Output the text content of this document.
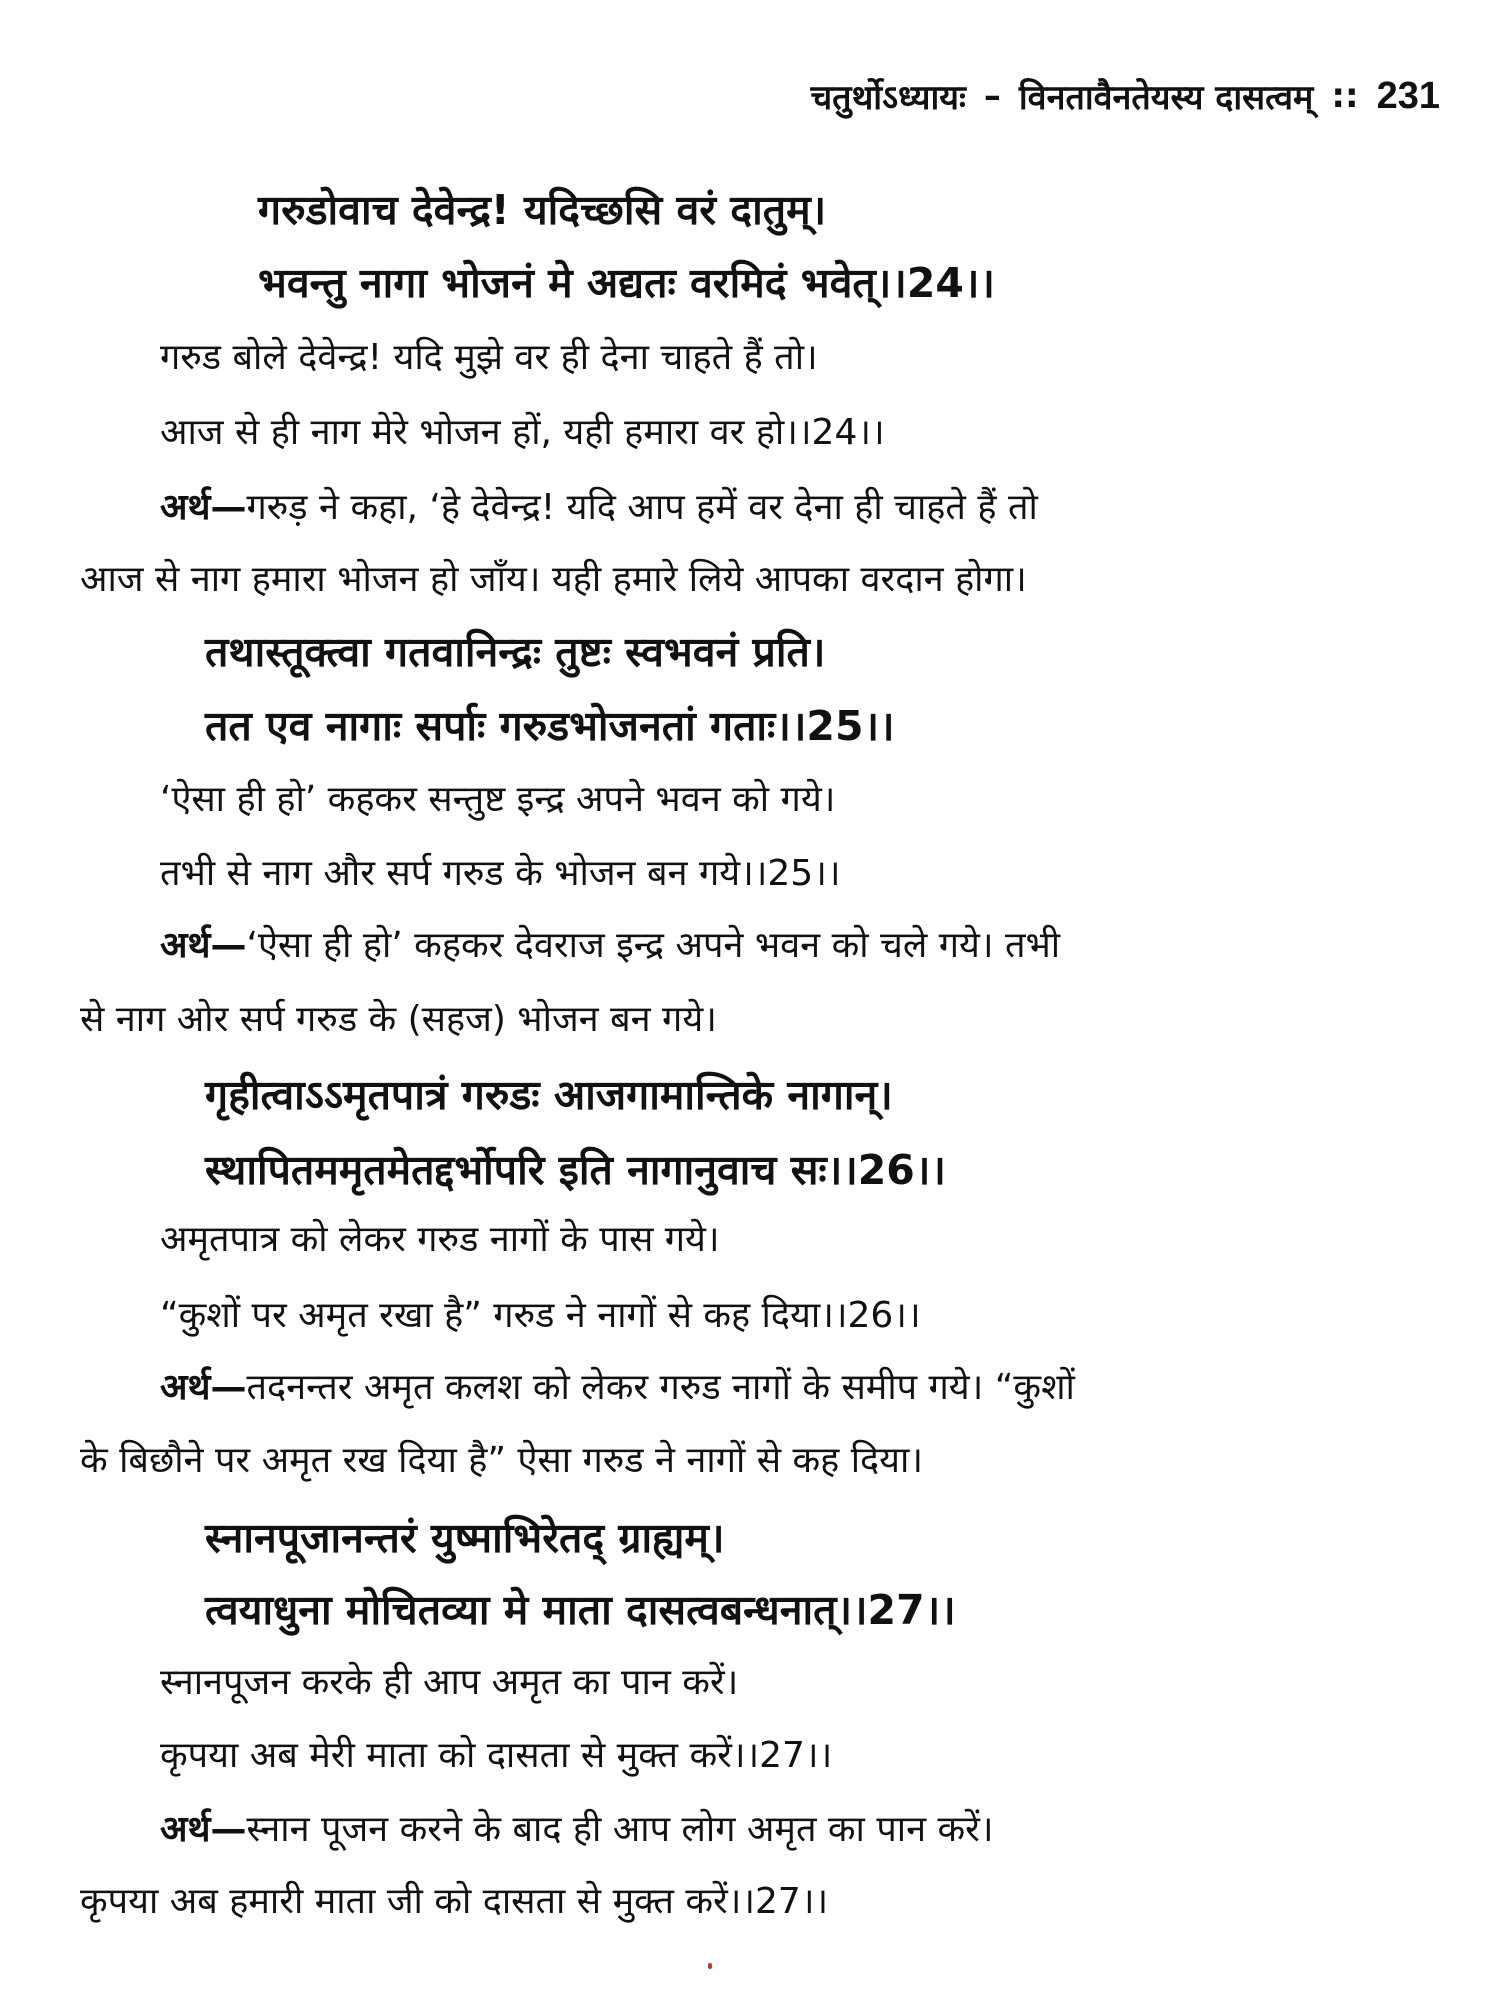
चतुर्थोऽध्यायः – विनतावैनतेयस्य दासत्वम् :: 231
गरुडोवाच देवेन्द्र! यदिच्छसि वरं दातुम्।
भवन्तु नागा भोजनं मे अद्यतः वरमिदं भवेत्।।24।।
गरुड बोले देवेन्द्र! यदि मुझे वर ही देना चाहते हैं तो।
आज से ही नाग मेरे भोजन हों, यही हमारा वर हो।।24।।
अर्थ—गरुड़ ने कहा, ‘हे देवेन्द्र! यदि आप हमें वर देना ही चाहते हैं तो
आज से नाग हमारा भोजन हो जाँय। यही हमारे लिये आपका वरदान होगा।
तथास्तूक्त्वा गतवानिन्द्रः तुष्टः स्वभवनं प्रति।
तत एव नागाः सर्पाः गरुडभोजनतां गताः।।25।।
‘ऐसा ही हो’ कहकर सन्तुष्ट इन्द्र अपने भवन को गये।
तभी से नाग और सर्प गरुड के भोजन बन गये।।25।।
अर्थ—‘ऐसा ही हो’ कहकर देवराज इन्द्र अपने भवन को चले गये। तभी
से नाग ओर सर्प गरुड के (सहज) भोजन बन गये।
गृहीत्वाऽऽमृतपात्रं गरुडः आजगामान्तिके नागान्।
स्थापितममृतमेतद्दर्भोपरि इति नागानुवाच सः।।26।।
अमृतपात्र को लेकर गरुड नागों के पास गये।
“कुशों पर अमृत रखा है” गरुड ने नागों से कह दिया।।26।।
अर्थ—तदनन्तर अमृत कलश को लेकर गरुड नागों के समीप गये। “कुशों
के बिछौने पर अमृत रख दिया है” ऐसा गरुड ने नागों से कह दिया।
स्नानपूजानन्तरं युष्माभिरेतद् ग्राह्यम्।
त्वयाधुना मोचितव्या मे माता दासत्वबन्धनात्।।27।।
स्नानपूजन करके ही आप अमृत का पान करें।
कृपया अब मेरी माता को दासता से मुक्त करें।।27।।
अर्थ—स्नान पूजन करने के बाद ही आप लोग अमृत का पान करें।
कृपया अब हमारी माता जी को दासता से मुक्त करें।।27।।
